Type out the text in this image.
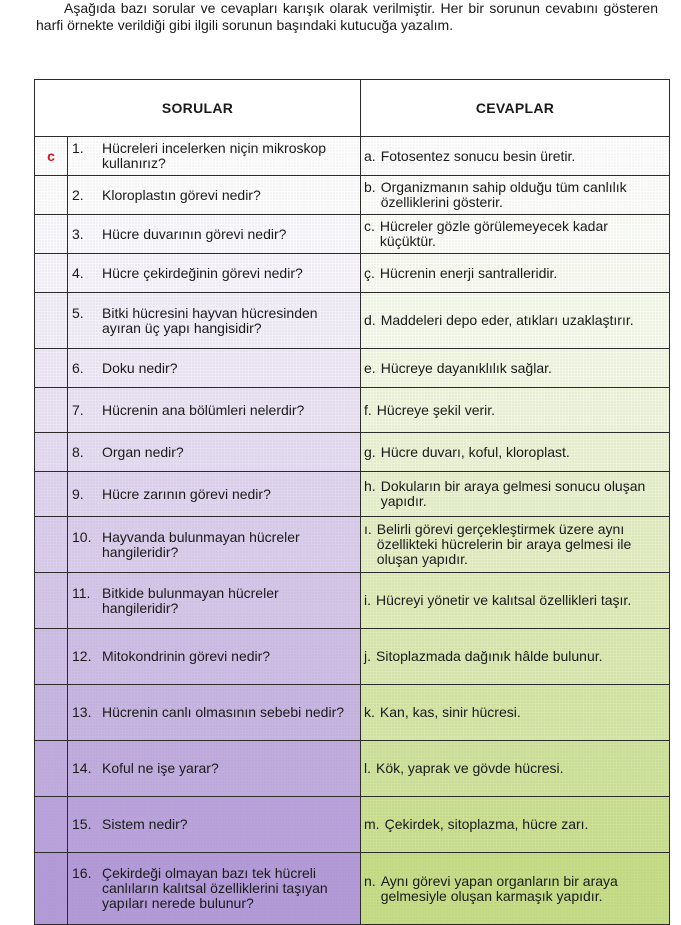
Aşağıda bazı sorular ve cevapları karışık olarak verilmiştir. Her bir sorunun cevabını gösteren harfi örnekte verildiği gibi ilgili sorunun başındaki kutucuğa yazalım.
SORULAR		CEVAPLAR
c	1. Hücreleri incelerken niçin mikroskop kullanırız?	a. Fotosentez sonucu besin üretir.

	2. Kloroplastın görevi nedir?	b. Organizmanın sahip olduğu tüm canlılık özelliklerini gösterir.

	3. Hücre duvarının görevi nedir?	c. Hücreler gözle görülemeyecek kadar küçüktür.

	4. Hücre çekirdeğinin görevi nedir?	ç. Hücrenin enerji santralleridir.

	5. Bitki hücresini hayvan hücresinden ayıran üç yapı hangisidir?	d. Maddeleri depo eder, atıkları uzaklaştırır.

	6. Doku nedir?	e. Hücreye dayanıklılık sağlar.

	7. Hücrenin ana bölümleri nelerdir?	f. Hücreye şekil verir.

	8. Organ nedir?	g. Hücre duvarı, koful, kloroplast.

	9. Hücre zarının görevi nedir?	h. Dokuların bir araya gelmesi sonucu oluşan yapıdır.

	10. Hayvanda bulunmayan hücreler hangileridir?	ı. Belirli görevi gerçekleştirmek üzere aynı özellikteki hücrelerin bir araya gelmesi ile oluşan yapıdır.

	11. Bitkide bulunmayan hücreler hangileridir?	i. Hücreyi yönetir ve kalıtsal özellikleri taşır.

	12. Mitokondrinin görevi nedir?	j. Sitoplazmada dağınık hâlde bulunur.

	13. Hücrenin canlı olmasının sebebi nedir?	k. Kan, kas, sinir hücresi.

	14. Koful ne işe yarar?	l. Kök, yaprak ve gövde hücresi.

	15. Sistem nedir?	m. Çekirdek, sitoplazma, hücre zarı.

	16. Çekirdeği olmayan bazı tek hücreli canlıların kalıtsal özelliklerini taşıyan yapıları nerede bulunur?	n. Aynı görevi yapan organların bir araya gelmesiyle oluşan karmaşık yapıdır.
